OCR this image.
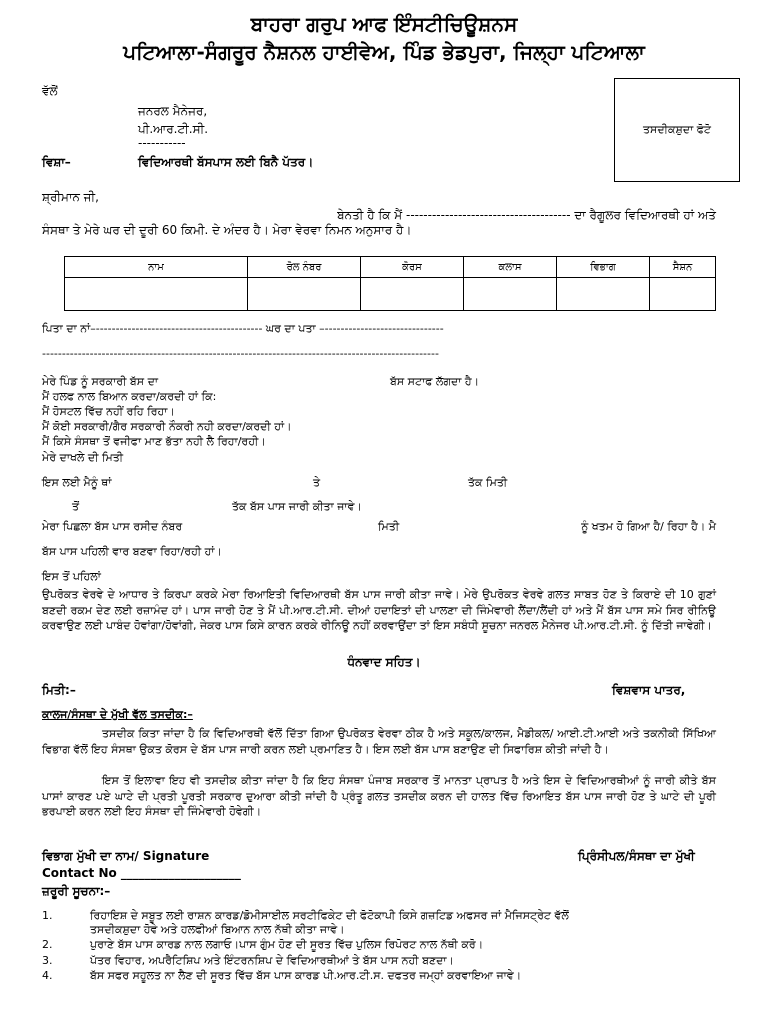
ਬਾਹਰਾ ਗਰੁਪ ਆਫ ਇੰਸਟੀਚਿਊਸ਼ਨਸ
ਪਟਿਆਲਾ-ਸੰਗਰੂਰ ਨੈਸ਼ਨਲ ਹਾਈਵੇਅ, ਪਿੰਡ ਭੇਡਪੁਰਾ, ਜਿਲ੍ਹਾ ਪਟਿਆਲਾ
ਵੱਲੋਂ
ਜਨਰਲ ਮੈਨੇਜਰ,
ਪੀ.ਆਰ.ਟੀ.ਸੀ.
-----------
ਤਸਦੀਕਸ਼ੁਦਾ ਫੋਟੋ
ਵਿਸ਼ਾ–	ਵਿਦਿਆਰਥੀ ਬੱਸਪਾਸ ਲਈ ਬਿਨੈ ਪੱਤਰ।
ਸ਼੍ਰੀਮਾਨ ਜੀ,
ਬੇਨਤੀ ਹੈ ਕਿ ਮੈਂ -------------------------------------- ਦਾ ਰੈਗੂਲਰ ਵਿਦਿਆਰਥੀ ਹਾਂ ਅਤੇ
ਸੰਸਥਾ ਤੇ ਮੇਰੇ ਘਰ ਦੀ ਦੂਰੀ 60 ਕਿਮੀ. ਦੇ ਅੰਦਰ ਹੈ। ਮੇਰਾ ਵੇਰਵਾ ਨਿਮਨ ਅਨੁਸਾਰ ਹੈ।
ਨਾਮ	ਰੋਲ ਨੰਬਰ	ਕੋਰਸ	ਕਲਾਸ	ਵਿਭਾਗ	ਸੈਸ਼ਨ

ਪਿਤਾ ਦਾ ਨਾਂ–------------------------------------------ ਘਰ ਦਾ ਪਤਾ –------------------------------
----------------------------------------------------------------------------------------------------
ਮੇਰੇ ਪਿੰਡ ਨੂੰ ਸਰਕਾਰੀ ਬੱਸ ਦਾ	ਬੱਸ ਸਟਾਫ ਲੱਗਦਾ ਹੈ।
ਮੈਂ ਹਲਫ ਨਾਲ ਬਿਆਨ ਕਰਦਾ/ਕਰਦੀ ਹਾਂ ਕਿ:
ਮੈਂ ਹੋਸਟਲ ਵਿੱਚ ਨਹੀਂ ਰਹਿ ਰਿਹਾ।
ਮੈਂ ਕੋਈ ਸਰਕਾਰੀ/ਗੈਰ ਸਰਕਾਰੀ ਨੌਕਰੀ ਨਹੀ ਕਰਦਾ/ਕਰਦੀ ਹਾਂ।
ਮੈਂ ਕਿਸੇ ਸੰਸਥਾ ਤੋਂ ਵਜੀਫਾ ਮਾਣ ਭੱਤਾ ਨਹੀ ਲੈ ਰਿਹਾ/ਰਹੀ।
ਮੇਰੇ ਦਾਖਲੇ ਦੀ ਮਿਤੀ
ਇਸ ਲਈ ਮੈਨੂੰ ਥਾਂ	ਤੇ	ਤੱਕ ਮਿਤੀ
ਤੋਂ	ਤੱਕ ਬੱਸ ਪਾਸ ਜਾਰੀ ਕੀਤਾ ਜਾਵੇ।
ਮੇਰਾ ਪਿਛਲਾ ਬੱਸ ਪਾਸ ਰਸੀਦ ਨੰਬਰ	ਮਿਤੀ	ਨੂੰ ਖਤਮ ਹੋ ਗਿਆ ਹੈ/ ਰਿਹਾ ਹੈ। ਮੈ
ਬੱਸ ਪਾਸ ਪਹਿਲੀ ਵਾਰ ਬਣਵਾ ਰਿਹਾ/ਰਹੀ ਹਾਂ।
ਇਸ ਤੋਂ ਪਹਿਲਾਂ
ਉਪਰੋਕਤ ਵੇਰਵੇ ਦੇ ਆਧਾਰ ਤੇ ਕਿਰਪਾ ਕਰਕੇ ਮੇਰਾ ਰਿਆਇਤੀ ਵਿਦਿਆਰਥੀ ਬੱਸ ਪਾਸ ਜਾਰੀ ਕੀਤਾ ਜਾਵੇ। ਮੇਰੇ ਉਪਰੋਕਤ ਵੇਰਵੇ ਗਲਤ ਸਾਬਤ ਹੋਣ ਤੇ ਕਿਰਾਏ ਦੀ 10 ਗੁਣਾਂ ਬਣਦੀ ਰਕਮ ਦੇਣ ਲਈ ਰਜ਼ਾਮੰਦ ਹਾਂ। ਪਾਸ ਜਾਰੀ ਹੋਣ ਤੇ ਮੈਂ ਪੀ.ਆਰ.ਟੀ.ਸੀ. ਦੀਆਂ ਹਦਾਇਤਾਂ ਦੀ ਪਾਲਣਾ ਦੀ ਜਿੰਮੇਵਾਰੀ ਲੈਂਦਾ/ਲੈਂਦੀ ਹਾਂ ਅਤੇ ਮੈਂ ਬੱਸ ਪਾਸ ਸਮੇ ਸਿਰ ਰੀਨਿਊ ਕਰਵਾਉਣ ਲਈ ਪਾਬੰਦ ਹੋਵਾਂਗਾ/ਹੋਵਾਂਗੀ, ਜੇਕਰ ਪਾਸ ਕਿਸੇ ਕਾਰਨ ਕਰਕੇ ਰੀਨਿਊ ਨਹੀਂ ਕਰਵਾਉਂਦਾ ਤਾਂ ਇਸ ਸਬੰਧੀ ਸੂਚਨਾ ਜਨਰਲ ਮੈਨੇਜਰ ਪੀ.ਆਰ.ਟੀ.ਸੀ. ਨੂੰ ਦਿੱਤੀ ਜਾਵੇਗੀ।
ਧੰਨਵਾਦ ਸਹਿਤ।
ਮਿਤੀ:–	ਵਿਸ਼ਵਾਸ ਪਾਤਰ,
ਕਾਲਜ/ਸੰਸਥਾ ਦੇ ਮੁੱਖੀ ਵੱਲ ਤਸਦੀਕ:–
ਤਸਦੀਕ ਕਿਤਾ ਜਾਂਦਾ ਹੈ ਕਿ ਵਿਦਿਆਰਥੀ ਵੱਲੋਂ ਦਿੱਤਾ ਗਿਆ ਉਪਰੋਕਤ ਵੇਰਵਾ ਠੀਕ ਹੈ ਅਤੇ ਸਕੂਲ/ਕਾਲਜ, ਮੈਡੀਕਲ/ ਆਈ.ਟੀ.ਆਈ ਅਤੇ ਤਕਨੀਕੀ ਸਿੱਖਿਆ ਵਿਭਾਗ ਵੱਲੋਂ ਇਹ ਸੰਸਥਾ ਉਕਤ ਕੋਰਸ ਦੇ ਬੱਸ ਪਾਸ ਜਾਰੀ ਕਰਨ ਲਈ ਪ੍ਰਮਾਣਿਤ ਹੈ। ਇਸ ਲਈ ਬੱਸ ਪਾਸ ਬਣਾਉਣ ਦੀ ਸਿਫਾਰਿਸ਼ ਕੀਤੀ ਜਾਂਦੀ ਹੈ।
ਇਸ ਤੋਂ ਇਲਾਵਾ ਇਹ ਵੀ ਤਸਦੀਕ ਕੀਤਾ ਜਾਂਦਾ ਹੈ ਕਿ ਇਹ ਸੰਸਥਾ ਪੰਜਾਬ ਸਰਕਾਰ ਤੋਂ ਮਾਨਤਾ ਪ੍ਰਾਪਤ ਹੈ ਅਤੇ ਇਸ ਦੇ ਵਿਦਿਆਰਥੀਆਂ ਨੂੰ ਜਾਰੀ ਕੀਤੇ ਬੱਸ ਪਾਸਾਂ ਕਾਰਣ ਪਏ ਘਾਟੇ ਦੀ ਪ੍ਰਤੀ ਪੂਰਤੀ ਸਰਕਾਰ ਦੁਆਰਾ ਕੀਤੀ ਜਾਂਦੀ ਹੈ ਪ੍ਰੰਤੂ ਗਲਤ ਤਸਦੀਕ ਕਰਨ ਦੀ ਹਾਲਤ ਵਿੱਚ ਰਿਆਇਤ ਬੱਸ ਪਾਸ ਜਾਰੀ ਹੋਣ ਤੇ ਘਾਟੇ ਦੀ ਪੂਰੀ ਭਰਪਾਈ ਕਰਨ ਲਈ ਇਹ ਸੰਸਥਾ ਦੀ ਜਿੰਮੇਵਾਰੀ ਹੋਵੇਗੀ।
ਵਿਭਾਗ ਮੁੱਖੀ ਦਾ ਨਾਮ/ Signature	ਪ੍ਰਿੰਸੀਪਲ/ਸੰਸਥਾ ਦਾ ਮੁੱਖੀ
Contact No ____________________
ਜ਼ਰੂਰੀ ਸੂਚਨਾ:–
1.	ਰਿਹਾਇਸ਼ ਦੇ ਸਬੂਤ ਲਈ ਰਾਸ਼ਨ ਕਾਰਡ/ਡੋਮੀਸਾਈਲ ਸਰਟੀਫਿਕੇਟ ਦੀ ਫੋਟੋਕਾਪੀ ਕਿਸੇ ਗਜ਼ਟਿਡ ਅਫਸਰ ਜਾਂ ਮੈਜਿਸਟ੍ਰੇਟ ਵੱਲੋਂ
ਤਸਦੀਕਸ਼ੁਦਾ ਹੋਵੇ ਅਤੇ ਹਲਫੀਆਂ ਬਿਆਨ ਨਾਲ ਨੱਥੀ ਕੀਤਾ ਜਾਵੇ।
2.	ਪੁਰਾਣੇ ਬੱਸ ਪਾਸ ਕਾਰਡ ਨਾਲ ਲਗਾਓ।ਪਾਸ ਗੁੰਮ ਹੋਣ ਦੀ ਸੂਰਤ ਵਿੱਚ ਪੁਲਿਸ ਰਿਪੋਰਟ ਨਾਲ ਨੱਥੀ ਕਰੋ।
3.	ਪੱਤਰ ਵਿਹਾਰ, ਅਪਰੈਟਿਸ਼ਿਪ ਅਤੇ ਇੰਟਰਨਸ਼ਿਪ ਦੇ ਵਿਦਿਆਰਥੀਆਂ ਤੇ ਬੱਸ ਪਾਸ ਨਹੀ ਬਣਦਾ।
4.	ਬੱਸ ਸਫਰ ਸਹੂਲਤ ਨਾ ਲੈਣ ਦੀ ਸੂਰਤ ਵਿੱਚ ਬੱਸ ਪਾਸ ਕਾਰਡ ਪੀ.ਆਰ.ਟੀ.ਸ. ਦਫਤਰ ਜਮ੍ਹਾਂ ਕਰਵਾਇਆ ਜਾਵੇ।
